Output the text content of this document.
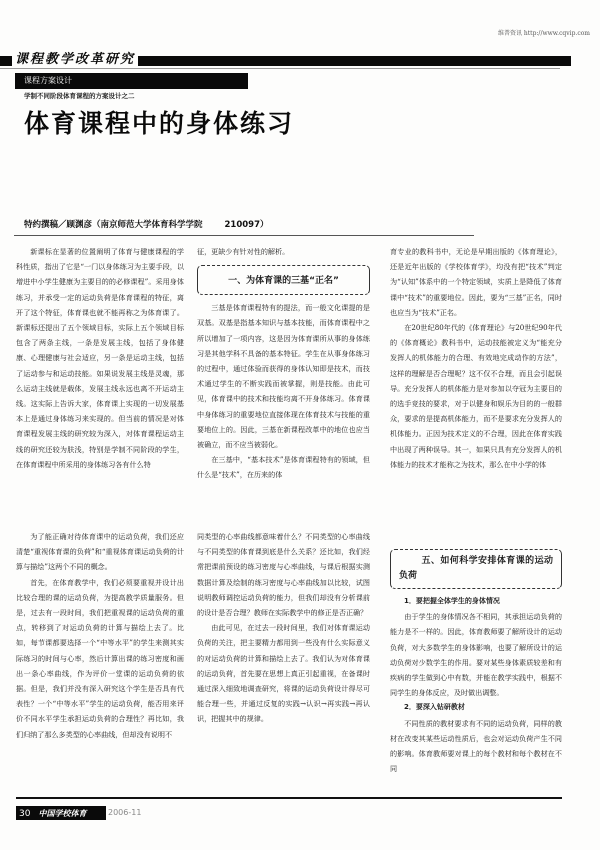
维普资讯 http://www.cqvip.com
课程教学改革研究
课程方案设计
学制不同阶段体育课程的方案设计之二
体育课程中的身体练习
特约撰稿／顾渊彦（南京师范大学体育科学学院	210097）

新课标在显著的位置阐明了体育与健康课程的学科性质，指出了它是“一门以身体练习为主要手段，以增进中小学生健康为主要目的的必修课程”。采用身体练习，并承受一定的运动负荷是体育课程的特征，离开了这个特征，体育课也就不能再称之为体育课了。新课标还提出了五个领域目标，实际上五个领域目标包含了两条主线，一条是发展主线，包括了身体健康、心理健康与社会适应，另一条是运动主线，包括了运动参与和运动技能。如果说发展主线是灵魂，那么运动主线就是载体，发展主线永远也离不开运动主线。这实际上告诉大家，体育课上实现的一切发展基本上是通过身体练习来实现的。但当前的情况是对体育课程发展主线的研究较为深入，对体育课程运动主线的研究还较为肤浅，特别是学制不同阶段的学生，在体育课程中所采用的身体练习各有什么特

征，更缺少有针对性的解析。

一、为体育课的三基“正名”

三基是体育课程特有的提法，而一般文化课提的是双基。双基是指基本知识与基本技能，而体育课程中之所以增加了一项内容，这是因为体育课所从事的身体练习是其他学科不具备的基本特征。学生在从事身体练习的过程中，通过体验而获得的身体认知即是技术，而技术通过学生的不断实践而被掌握，则是技能。由此可见，体育课中的技术和技能均离不开身体练习。体育课中身体练习的重要地位直接体现在体育技术与技能的重要地位上的。因此，三基在新课程改革中的地位也应当被确立，而不应当被弱化。

在三基中，“基本技术”是体育课程特有的领域，但什么是“技术”，在历来的体

育专业的教科书中，无论是早期出版的《体育理论》，还是近年出版的《学校体育学》，均没有把“技术”判定为“认知”体系中的一个特定领域，实质上是降低了体育课中“技术”的重要地位。因此，要为“三基”正名，同时也应当为“技术”正名。

在20世纪80年代的《体育理论》与20世纪90年代的《体育概论》教科书中，运动技能被定义为“能充分发挥人的机体能力的合理、有效地完成动作的方法”，这样的理解是否合理呢？这不仅不合理，而且会引起误导。充分发挥人的机体能力是对参加以夺冠为主要目的的选手竞技的要求，对于以健身和娱乐为目的的一般群众，要求的是提高机体能力，而不是要求充分发挥人的机体能力。正因为技术定义的不合理，因此在体育实践中出现了两种误导。其一，如果只具有充分发挥人的机体能力的技术才能称之为技术，那么在中小学的体

为了能正确对待体育课中的运动负荷，我们还应清楚“重视体育课的负荷”和“重视体育课运动负荷的计算与描绘”这两个不同的概念。

首先，在体育教学中，我们必须要重视并设计出比较合理的课的运动负荷，为提高教学质量服务。但是，过去有一段时间，我们把重视课的运动负荷的重点，转移到了对运动负荷的计算与描绘上去了。比如，每节课都要选择一个“中等水平”的学生来测其实际练习的时间与心率，然后计算出课的练习密度和画出一条心率曲线，作为评价一堂课的运动负荷的依据。但是，我们并没有深入研究这个学生是否具有代表性？一个“中等水平”学生的运动负荷，能否用来评价不同水平学生承担运动负荷的合理性？再比如，我们归纳了那么多类型的心率曲线，但却没有说明不

同类型的心率曲线都意味着什么？不同类型的心率曲线与不同类型的体育课到底是什么关系？还比如，我们经常把课前预设的练习密度与心率曲线，与课后根据实测数据计算及绘制的练习密度与心率曲线加以比较，试图说明教师调控运动负荷的能力，但我们却没有分析课前的设计是否合理？教师在实际教学中的修正是否正确？

由此可见，在过去一段时间里，我们对体育课运动负荷的关注，把主要精力都用到一些没有什么实际意义的对运动负荷的计算和描绘上去了。我们认为对体育课的运动负荷，首先要在思想上真正引起重视，在备课时通过深入细致地调查研究，将课的运动负荷设计得尽可能合理一些，并通过反复的实践→认识→再实践→再认识，把握其中的规律。

五、如何科学安排体育课的运动负荷
1．要把握全体学生的身体情况

由于学生的身体情况各不相同，其承担运动负荷的能力是不一样的。因此，体育教师要了解所设计的运动负荷，对大多数学生的身体影响，也要了解所设计的运动负荷对少数学生的作用。要对某些身体素质较差和有疾病的学生做到心中有数，并能在教学实践中，根据不同学生的身体反应，及时做出调整。

2．要深入钻研教材

不同性质的教材要求有不同的运动负荷，同样的教材在改变其某些运动性质后，也会对运动负荷产生不同的影响。体育教师要对课上的每个教材和每个教材在不同

30 中国学校体育	2006-11
